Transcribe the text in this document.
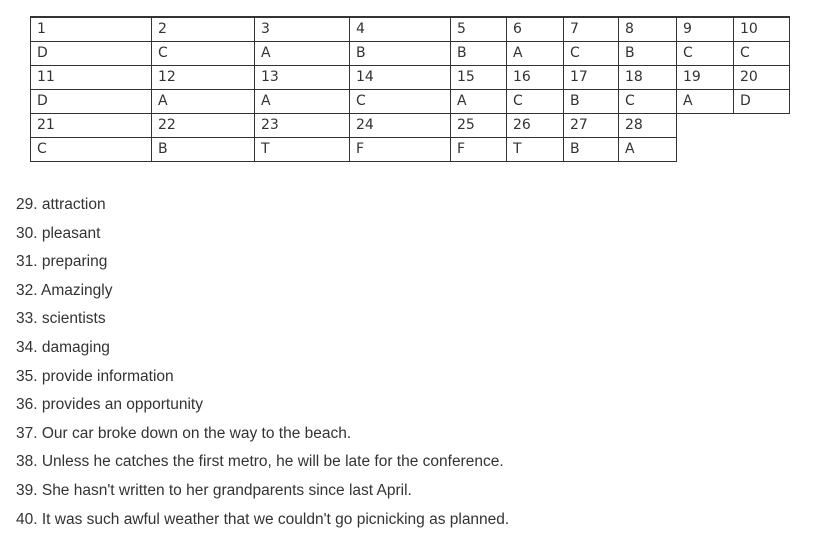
1	2	3	4	5	6	7	8	9	10
D	C	A	B	B	A	C	B	C	C
11	12	13	14	15	16	17	18	19	20
D	A	A	C	A	C	B	C	A	D
21	22	23	24	25	26	27	28		
C	B	T	F	F	T	B	A		
29. attraction
30. pleasant
31. preparing
32. Amazingly
33. scientists
34. damaging
35. provide information
36. provides an opportunity
37. Our car broke down on the way to the beach.
38. Unless he catches the first metro, he will be late for the conference.
39. She hasn't written to her grandparents since last April.
40. It was such awful weather that we couldn't go picnicking as planned.
